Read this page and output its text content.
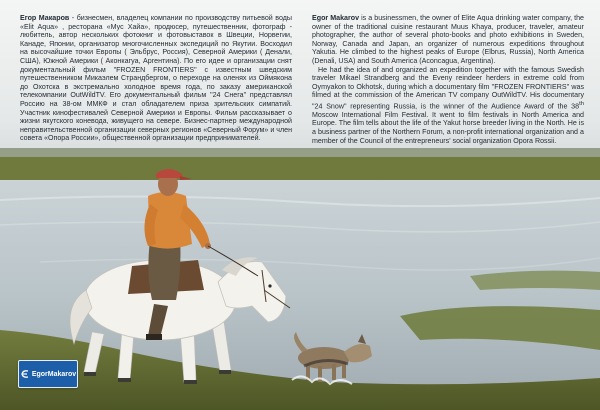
Егор Макаров - бизнесмен, владелец компании по производству питьевой воды «Elit Aqua» , ресторана «Мус Хайа», продюсер, путешественник, фотограф - любитель, автор нескольких фотокниг и фотовыставок в Швеции, Норвегии, Канаде, Японии, организатор многочисленных экспедиций по Якутии. Восходил на высочайшие точки Европы ( Эльбрус, Россия), Северной Америки ( Денали, США), Южной Америки ( Аконкагуа, Аргентина). По его идее и организации снят документальный фильм "FROZEN FRONTIERS" с известным шведским путешественником Микаэлем Страндбергом, о переходе на оленях из Оймякона до Охотска в экстремально холодное время года, по заказу американской телекомпании OutWildTV. Его документальный фильм "24 Снега" представлял Россию на 38-ом ММКФ и стал обладателем приза зрительских симпатий. Участник кинофестивалей Северной Америки и Европы. Фильм рассказывает о жизни якутского коневода, живущего на севере. Бизнес-партнер международной неправительственной организации северных регионов «Северный Форум» и член совета «Опора России», общественной организации предпринимателей.

Egor Makarov is a businessmen, the owner of Elite Aqua drinking water company, the owner of the traditional cuisine restaurant Muus Khaya, producer, traveler, amateur photographer, the author of several photo-books and photo exhibitions in Sweden, Norway, Canada and Japan, an organizer of numerous expeditions throughout Yakutia. He climbed to the highest peaks of Europe (Elbrus, Russia), North America (Denali, USA) and South America (Aconcagua, Argentina).

He had the idea of and organized an expedition together with the famous Swedish traveler Mikael Strandberg and the Eveny reindeer herders in extreme cold from Oymyakon to Okhotsk, during which a documentary film "FROZEN FRONTIERS" was filmed at the commission of the American TV company OutWildTV. His documentary "24 Snow" representing Russia, is the winner of the Audience Award of the 38th Moscow International Film Festival. It went to film festivals in North America and Europe. The film tells about the life of the Yakut horse breeder living in the North. He is a business partner of the Northern Forum, a non-profit international organization and a member of the Council of the entrepreneurs' social organization Opora Rossii.

EgorMakarov
